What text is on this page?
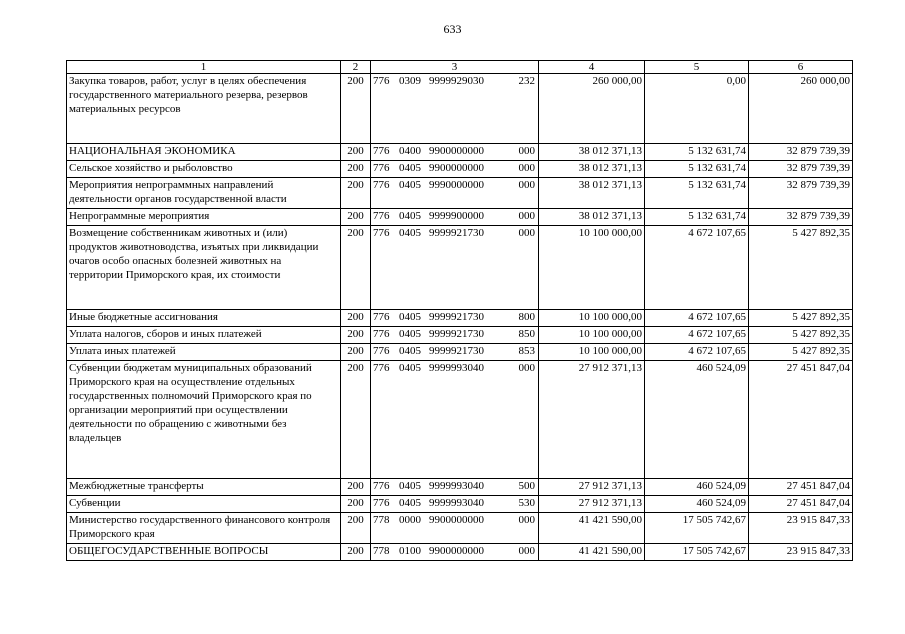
633
1	2	3	4	5	6
Закупка товаров, работ, услуг в целях обеспечения государственного материального резерва, резервов материальных ресурсов	200	776 0309 9999929030 232	260 000,00	0,00	260 000,00
НАЦИОНАЛЬНАЯ ЭКОНОМИКА	200	776 0400 9900000000 000	38 012 371,13	5 132 631,74	32 879 739,39
Сельское хозяйство и рыболовство	200	776 0405 9900000000 000	38 012 371,13	5 132 631,74	32 879 739,39
Мероприятия непрограммных направлений деятельности органов государственной власти	200	776 0405 9990000000 000	38 012 371,13	5 132 631,74	32 879 739,39
Непрограммные мероприятия	200	776 0405 9999900000 000	38 012 371,13	5 132 631,74	32 879 739,39
Возмещение собственникам животных и (или) продуктов животноводства, изъятых при ликвидации очагов особо опасных болезней животных на территории Приморского края, их стоимости	200	776 0405 9999921730 000	10 100 000,00	4 672 107,65	5 427 892,35
Иные бюджетные ассигнования	200	776 0405 9999921730 800	10 100 000,00	4 672 107,65	5 427 892,35
Уплата налогов, сборов и иных платежей	200	776 0405 9999921730 850	10 100 000,00	4 672 107,65	5 427 892,35
Уплата иных платежей	200	776 0405 9999921730 853	10 100 000,00	4 672 107,65	5 427 892,35
Субвенции бюджетам муниципальных образований Приморского края на осуществление отдельных государственных полномочий Приморского края по организации мероприятий при осуществлении деятельности по обращению с животными без владельцев	200	776 0405 9999993040 000	27 912 371,13	460 524,09	27 451 847,04
Межбюджетные трансферты	200	776 0405 9999993040 500	27 912 371,13	460 524,09	27 451 847,04
Субвенции	200	776 0405 9999993040 530	27 912 371,13	460 524,09	27 451 847,04
Министерство государственного финансового контроля Приморского края	200	778 0000 9900000000 000	41 421 590,00	17 505 742,67	23 915 847,33
ОБЩЕГОСУДАРСТВЕННЫЕ ВОПРОСЫ	200	778 0100 9900000000 000	41 421 590,00	17 505 742,67	23 915 847,33
